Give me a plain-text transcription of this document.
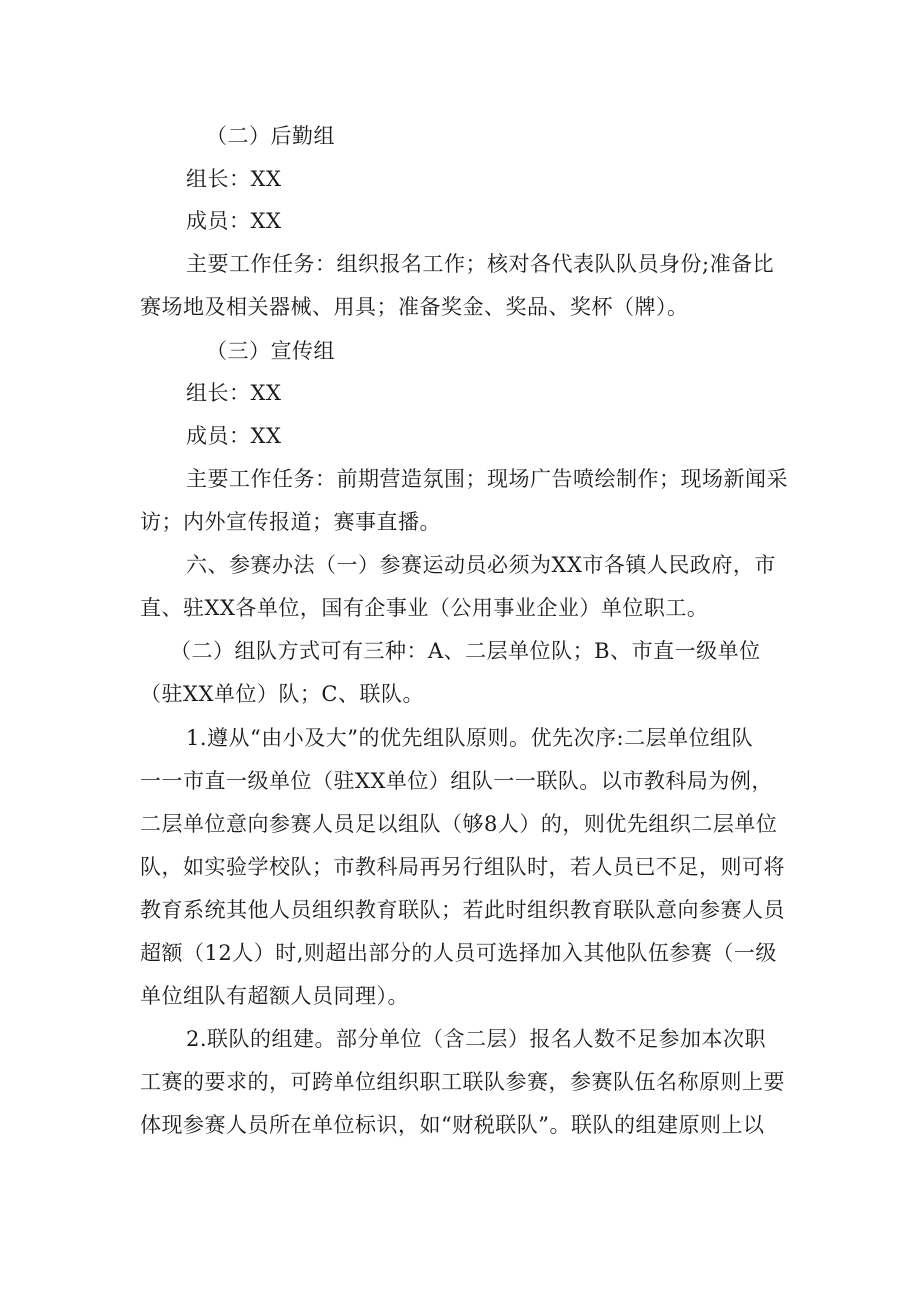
（二）后勤组
组长：XX
成员：XX
主要工作任务：组织报名工作；核对各代表队队员身份;准备比
赛场地及相关器械、用具；准备奖金、奖品、奖杯（牌）。
（三）宣传组
组长：XX
成员：XX
主要工作任务：前期营造氛围；现场广告喷绘制作；现场新闻采
访；内外宣传报道；赛事直播。
六、参赛办法（一）参赛运动员必须为XX市各镇人民政府，市
直、驻XX各单位，国有企事业（公用事业企业）单位职工。
（二）组队方式可有三种：A、二层单位队；B、市直一级单位
（驻XX单位）队；C、联队。
1.遵从“由小及大”的优先组队原则。优先次序:二层单位组队
一一市直一级单位（驻XX单位）组队一一联队。以市教科局为例，
二层单位意向参赛人员足以组队（够8人）的，则优先组织二层单位
队，如实验学校队；市教科局再另行组队时，若人员已不足，则可将
教育系统其他人员组织教育联队；若此时组织教育联队意向参赛人员
超额（12人）时,则超出部分的人员可选择加入其他队伍参赛（一级
单位组队有超额人员同理）。
2.联队的组建。部分单位（含二层）报名人数不足参加本次职
工赛的要求的，可跨单位组织职工联队参赛，参赛队伍名称原则上要
体现参赛人员所在单位标识，如“财税联队”。联队的组建原则上以
